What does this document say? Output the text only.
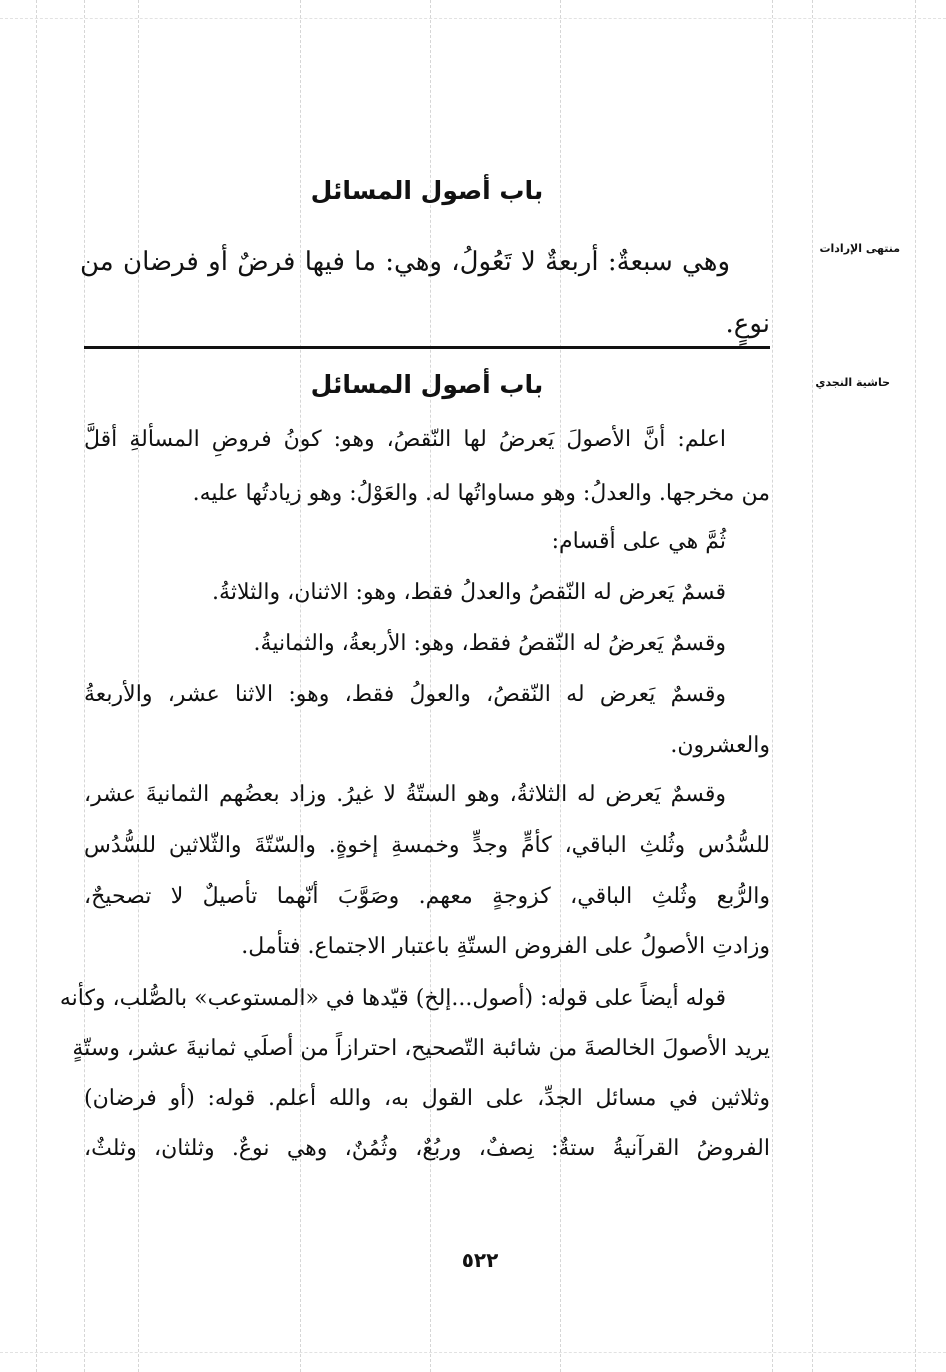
باب أصول المسائل
منتهى الإرادات
وهي سبعةٌ: أربعةٌ لا تَعُولُ، وهي: ما فيها فرضٌ أو فرضان من
نوعٍ.
باب أصول المسائل	حاشية النجدي
اعلم: أنَّ الأصولَ يَعرضُ لها النّقصُ، وهو: كونُ فروضِ المسألةِ أقلَّ
من مخرجها. والعدلُ: وهو مساواتُها له. والعَوْلُ: وهو زيادتُها عليه.
ثُمَّ هي على أقسام:
قسمٌ يَعرض له النّقصُ والعدلُ فقط، وهو: الاثنان، والثلاثةُ.
وقسمٌ يَعرضُ له النّقصُ فقط، وهو: الأربعةُ، والثمانيةُ.
وقسمٌ يَعرض له النّقصُ، والعولُ فقط، وهو: الاثنا عشر، والأربعةُ
والعشرون.
وقسمٌ يَعرض له الثلاثةُ، وهو الستّةُ لا غيرُ. وزاد بعضُهم الثمانيةَ عشر،
للسُّدُس وثُلثِ الباقي، كأمٍّ وجدٍّ وخمسةِ إخوةٍ. والسّتّةَ والثّلاثين للسُّدُس
والرُّبع وثُلثِ الباقي، كزوجةٍ معهم. وصَوَّبَ أنّهما تأصيلٌ لا تصحيحٌ،
وزادتِ الأصولُ على الفروض الستّةِ باعتبار الاجتماع. فتأمل.
قوله أيضاً على قوله: (أصول...إلخ) قيّدها في «المستوعب» بالصُّلب، وكأنه
يريد الأصولَ الخالصةَ من شائبة التّصحيح، احترازاً من أصلَي ثمانيةَ عشر، وستّةٍ
وثلاثين في مسائل الجدِّ، على القول به، والله أعلم. قوله: (أو فرضان)
الفروضُ القرآنيةُ ستةٌ: نِصفٌ، وربُعٌ، وثُمُنٌ، وهي نوعٌ. وثلثان، وثلثٌ،
٥٢٢
